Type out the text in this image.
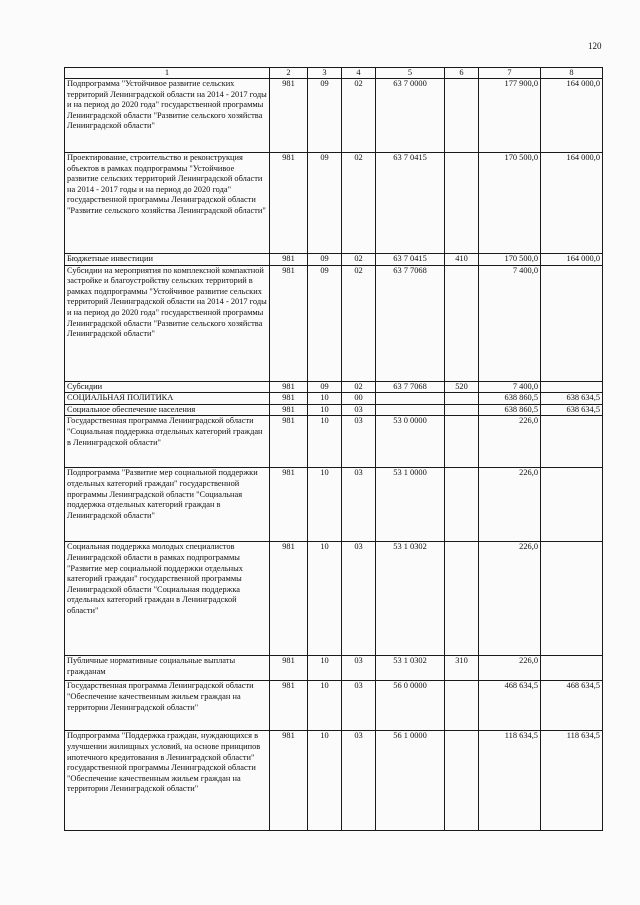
120
1	2	3	4	5	6	7	8
Подпрограмма "Устойчивое развитие сельских территорий Ленинградской области на 2014 - 2017 годы и на период до 2020 года" государственной программы Ленинградской области "Развитие сельского хозяйства Ленинградской области"	981	09	02	63 7 0000		177 900,0	164 000,0
Проектирование, строительство и реконструкция объектов в рамках подпрограммы "Устойчивое развитие сельских территорий Ленинградской области на 2014 - 2017 годы и на период до 2020 года" государственной программы Ленинградской области "Развитие сельского хозяйства Ленинградской области"	981	09	02	63 7 0415		170 500,0	164 000,0
Бюджетные инвестиции	981	09	02	63 7 0415	410	170 500,0	164 000,0
Субсидии на мероприятия по комплексной компактной застройке и благоустройству сельских территорий в рамках подпрограммы "Устойчивое развитие сельских территорий Ленинградской области на 2014 - 2017 годы и на период до 2020 года" государственной программы Ленинградской области "Развитие сельского хозяйства Ленинградской области"	981	09	02	63 7 7068		7 400,0	
Субсидии	981	09	02	63 7 7068	520	7 400,0	
СОЦИАЛЬНАЯ ПОЛИТИКА	981	10	00			638 860,5	638 634,5
Социальное обеспечение населения	981	10	03			638 860,5	638 634,5
Государственная программа Ленинградской области "Социальная поддержка отдельных категорий граждан в Ленинградской области"	981	10	03	53 0 0000		226,0	
Подпрограмма "Развитие мер социальной поддержки отдельных категорий граждан" государственной программы Ленинградской области "Социальная поддержка отдельных категорий граждан в Ленинградской области"	981	10	03	53 1 0000		226,0	
Социальная поддержка молодых специалистов Ленинградской области в рамках подпрограммы "Развитие мер социальной поддержки отдельных категорий граждан" государственной программы Ленинградской области "Социальная поддержка отдельных категорий граждан в Ленинградской области"	981	10	03	53 1 0302		226,0	
Публичные нормативные социальные выплаты гражданам	981	10	03	53 1 0302	310	226,0	
Государственная программа Ленинградской области "Обеспечение качественным жильем граждан на территории Ленинградской области"	981	10	03	56 0 0000		468 634,5	468 634,5
Подпрограмма "Поддержка граждан, нуждающихся в улучшении жилищных условий, на основе принципов ипотечного кредитования в Ленинградской области" государственной программы Ленинградской области "Обеспечение качественным жильем граждан на территории Ленинградской области"	981	10	03	56 1 0000		118 634,5	118 634,5
